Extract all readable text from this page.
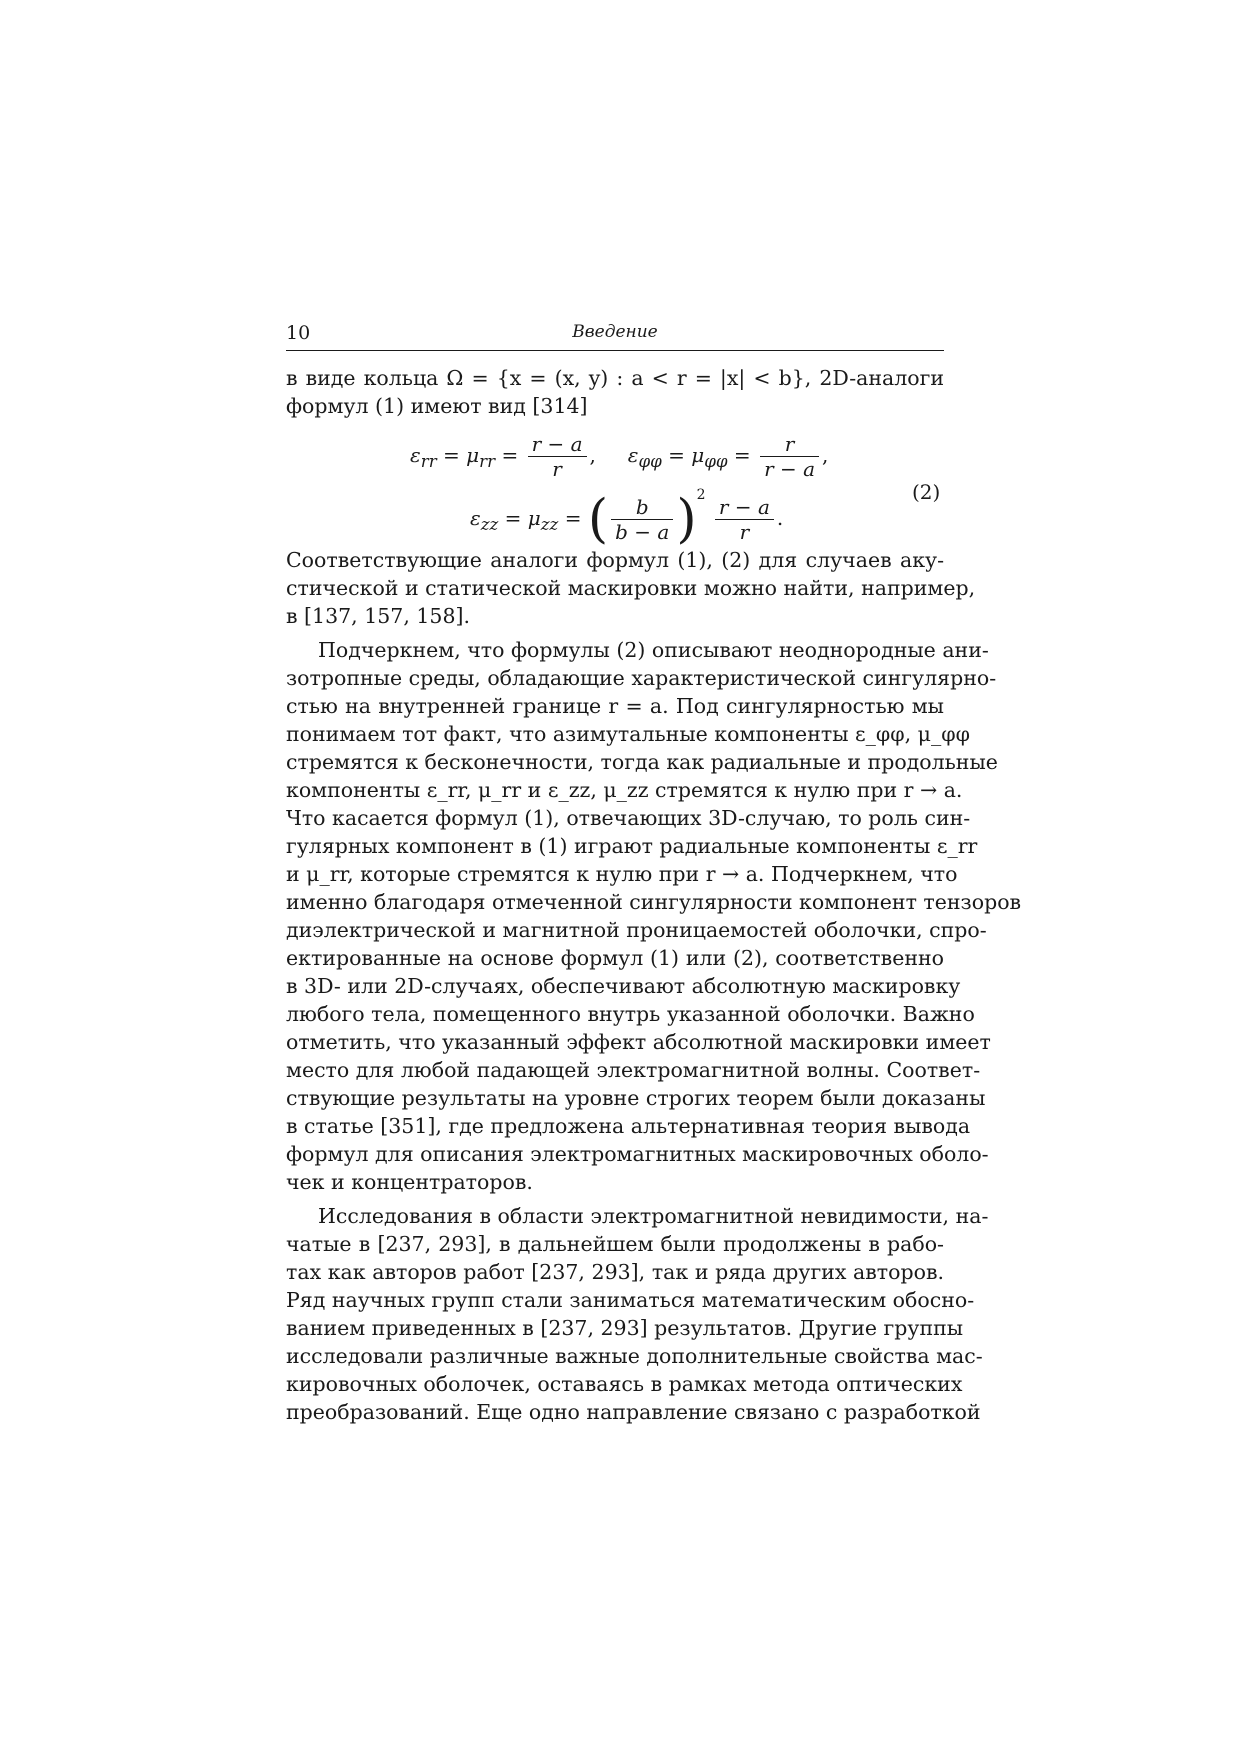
10	Введение
в виде кольца Ω = {x = (x, y) : a < r = |x| < b}, 2D-аналоги
формул (1) имеют вид [314]
$\varepsilon_{rr} = \mu_{rr} = \frac{r - a}{r}$ ,     $\varepsilon_{\varphi\varphi} = \mu_{\varphi\varphi} = \frac{r}{r - a}$ ,
$\varepsilon_{zz} = \mu_{zz}$ = ( $\frac{b}{b - a} )^2 \frac{r - a}{r}$ .
(2)
Соответствующие аналоги формул (1), (2) для случаев аку-
стической и статической маскировки можно найти, например,
в [137, 157, 158].
Подчеркнем, что формулы (2) описывают неоднородные ани-
зотропные среды, обладающие характеристической сингулярно-
стью на внутренней границе r = a. Под сингулярностью мы
понимаем тот факт, что азимутальные компоненты ε_φφ, μ_φφ
стремятся к бесконечности, тогда как радиальные и продольные
компоненты ε_rr, μ_rr и ε_zz, μ_zz стремятся к нулю при r → a.
Что касается формул (1), отвечающих 3D-случаю, то роль син-
гулярных компонент в (1) играют радиальные компоненты ε_rr
и μ_rr, которые стремятся к нулю при r → a. Подчеркнем, что
именно благодаря отмеченной сингулярности компонент тензоров
диэлектрической и магнитной проницаемостей оболочки, спро-
ектированные на основе формул (1) или (2), соответственно
в 3D- или 2D-случаях, обеспечивают абсолютную маскировку
любого тела, помещенного внутрь указанной оболочки. Важно
отметить, что указанный эффект абсолютной маскировки имеет
место для любой падающей электромагнитной волны. Соответ-
ствующие результаты на уровне строгих теорем были доказаны
в статье [351], где предложена альтернативная теория вывода
формул для описания электромагнитных маскировочных оболо-
чек и концентраторов.
Исследования в области электромагнитной невидимости, на-
чатые в [237, 293], в дальнейшем были продолжены в рабо-
тах как авторов работ [237, 293], так и ряда других авторов.
Ряд научных групп стали заниматься математическим обосно-
ванием приведенных в [237, 293] результатов. Другие группы
исследовали различные важные дополнительные свойства мас-
кировочных оболочек, оставаясь в рамках метода оптических
преобразований. Еще одно направление связано с разработкой
